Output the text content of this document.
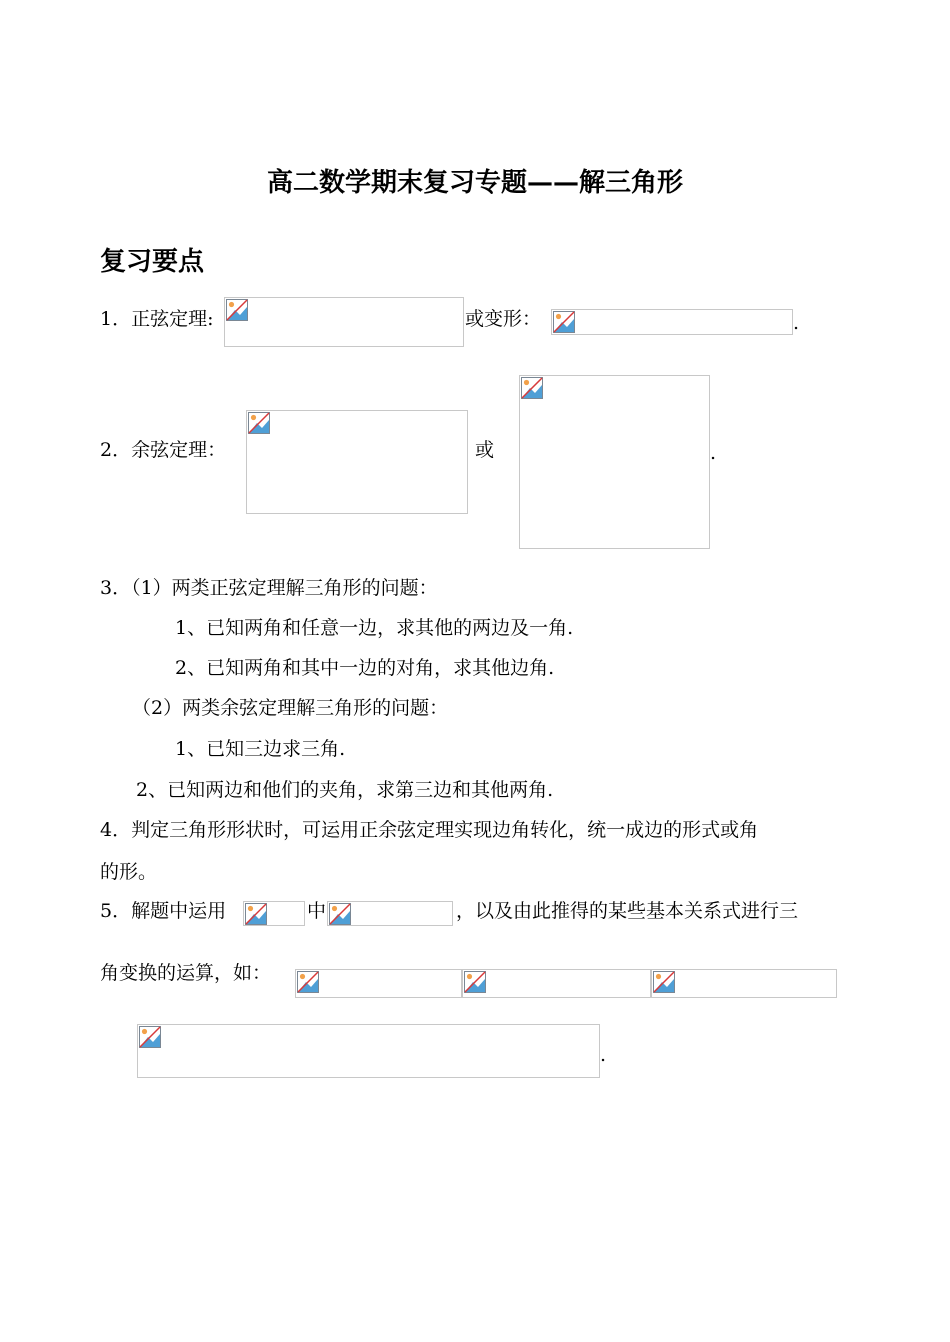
高二数学期末复习专题——解三角形
复习要点
1．正弦定理:	或变形：	.
2．余弦定理：	或	.
3．（1）两类正弦定理解三角形的问题：
1、已知两角和任意一边，求其他的两边及一角.
2、已知两角和其中一边的对角，求其他边角.
（2）两类余弦定理解三角形的问题：
1、已知三边求三角.
2、已知两边和他们的夹角，求第三边和其他两角.
4．判定三角形形状时，可运用正余弦定理实现边角转化，统一成边的形式或角
的形。
5．解题中运用	中	，以及由此推得的某些基本关系式进行三
角变换的运算，如：
.
